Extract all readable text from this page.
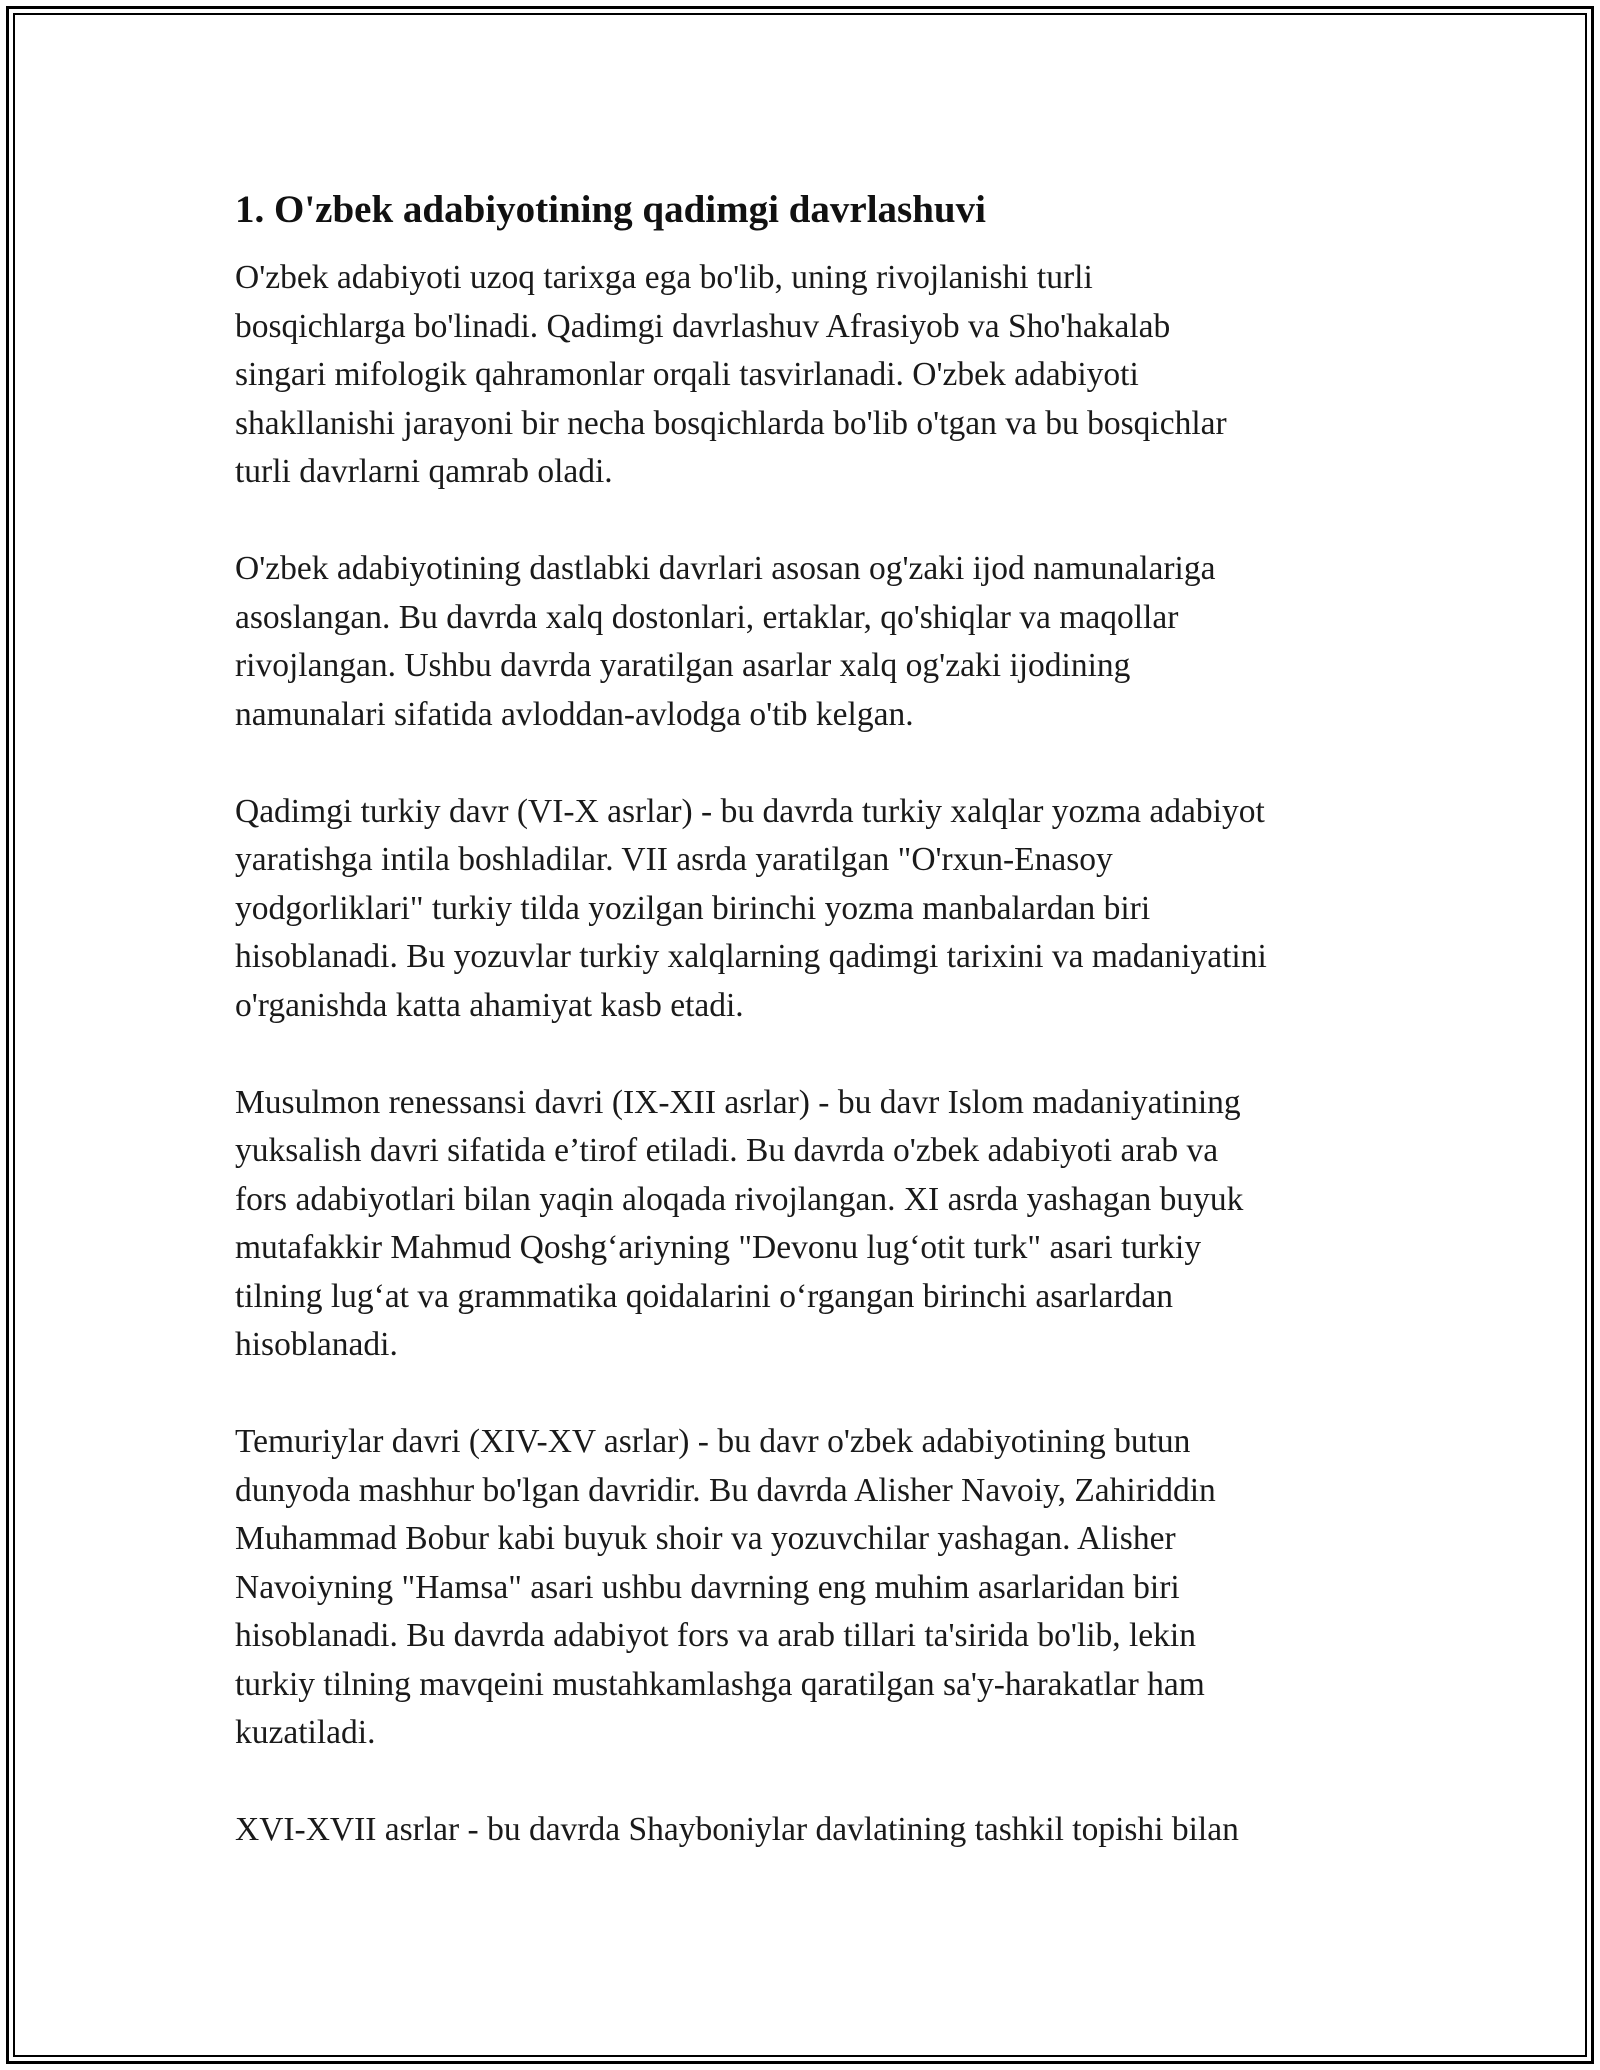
1. O'zbek adabiyotining qadimgi davrlashuvi

O'zbek adabiyoti uzoq tarixga ega bo'lib, uning rivojlanishi turli
bosqichlarga bo'linadi. Qadimgi davrlashuv Afrasiyob va Sho'hakalab
singari mifologik qahramonlar orqali tasvirlanadi. O'zbek adabiyoti
shakllanishi jarayoni bir necha bosqichlarda bo'lib o'tgan va bu bosqichlar
turli davrlarni qamrab oladi.

O'zbek adabiyotining dastlabki davrlari asosan og'zaki ijod namunalariga
asoslangan. Bu davrda xalq dostonlari, ertaklar, qo'shiqlar va maqollar
rivojlangan. Ushbu davrda yaratilgan asarlar xalq og'zaki ijodining
namunalari sifatida avloddan-avlodga o'tib kelgan.

Qadimgi turkiy davr (VI-X asrlar) - bu davrda turkiy xalqlar yozma adabiyot
yaratishga intila boshladilar. VII asrda yaratilgan "O'rxun-Enasoy
yodgorliklari" turkiy tilda yozilgan birinchi yozma manbalardan biri
hisoblanadi. Bu yozuvlar turkiy xalqlarning qadimgi tarixini va madaniyatini
o'rganishda katta ahamiyat kasb etadi.

Musulmon renessansi davri (IX-XII asrlar) - bu davr Islom madaniyatining
yuksalish davri sifatida e’tirof etiladi. Bu davrda o'zbek adabiyoti arab va
fors adabiyotlari bilan yaqin aloqada rivojlangan. XI asrda yashagan buyuk
mutafakkir Mahmud Qoshg‘ariyning "Devonu lug‘otit turk" asari turkiy
tilning lug‘at va grammatika qoidalarini o‘rgangan birinchi asarlardan
hisoblanadi.

Temuriylar davri (XIV-XV asrlar) - bu davr o'zbek adabiyotining butun
dunyoda mashhur bo'lgan davridir. Bu davrda Alisher Navoiy, Zahiriddin
Muhammad Bobur kabi buyuk shoir va yozuvchilar yashagan. Alisher
Navoiyning "Hamsa" asari ushbu davrning eng muhim asarlaridan biri
hisoblanadi. Bu davrda adabiyot fors va arab tillari ta'sirida bo'lib, lekin
turkiy tilning mavqeini mustahkamlashga qaratilgan sa'y-harakatlar ham
kuzatiladi.

XVI-XVII asrlar - bu davrda Shayboniylar davlatining tashkil topishi bilan
